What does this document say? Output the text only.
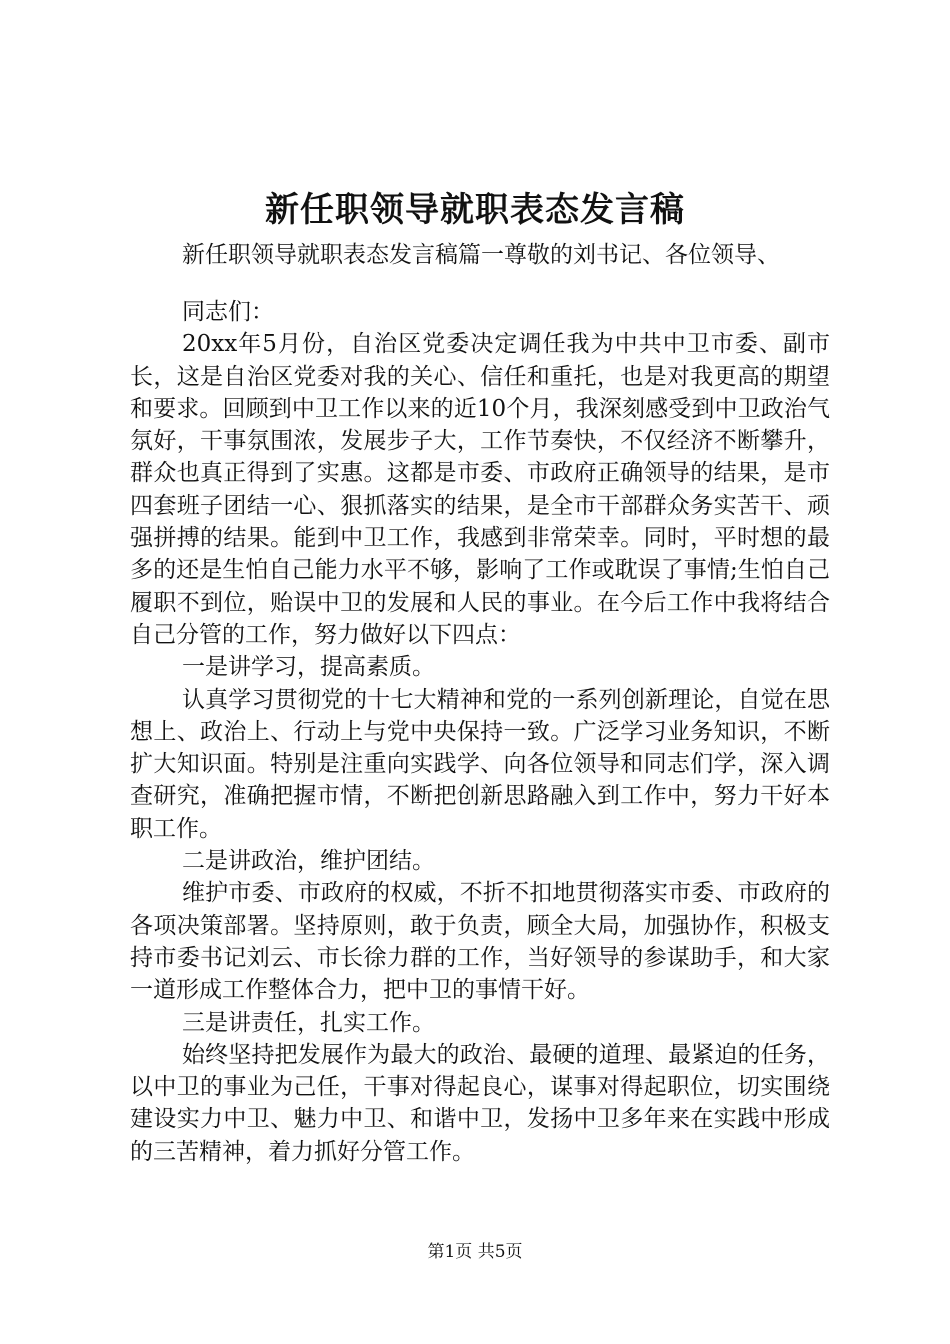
新任职领导就职表态发言稿
新任职领导就职表态发言稿篇一尊敬的刘书记、各位领导、

同志们：

20xx年5月份，自治区党委决定调任我为中共中卫市委、副市长，这是自治区党委对我的关心、信任和重托，也是对我更高的期望和要求。回顾到中卫工作以来的近10个月，我深刻感受到中卫政治气氛好，干事氛围浓，发展步子大，工作节奏快，不仅经济不断攀升，群众也真正得到了实惠。这都是市委、市政府正确领导的结果，是市四套班子团结一心、狠抓落实的结果，是全市干部群众务实苦干、顽强拼搏的结果。能到中卫工作，我感到非常荣幸。同时，平时想的最多的还是生怕自己能力水平不够，影响了工作或耽误了事情;生怕自己履职不到位，贻误中卫的发展和人民的事业。在今后工作中我将结合自己分管的工作，努力做好以下四点：

一是讲学习，提高素质。

认真学习贯彻党的十七大精神和党的一系列创新理论，自觉在思想上、政治上、行动上与党中央保持一致。广泛学习业务知识，不断扩大知识面。特别是注重向实践学、向各位领导和同志们学，深入调查研究，准确把握市情，不断把创新思路融入到工作中，努力干好本职工作。

二是讲政治，维护团结。

维护市委、市政府的权威，不折不扣地贯彻落实市委、市政府的各项决策部署。坚持原则，敢于负责，顾全大局，加强协作，积极支持市委书记刘云、市长徐力群的工作，当好领导的参谋助手，和大家一道形成工作整体合力，把中卫的事情干好。

三是讲责任，扎实工作。

始终坚持把发展作为最大的政治、最硬的道理、最紧迫的任务，以中卫的事业为己任，干事对得起良心，谋事对得起职位，切实围绕建设实力中卫、魅力中卫、和谐中卫，发扬中卫多年来在实践中形成的三苦精神，着力抓好分管工作。

第1页 共5页
